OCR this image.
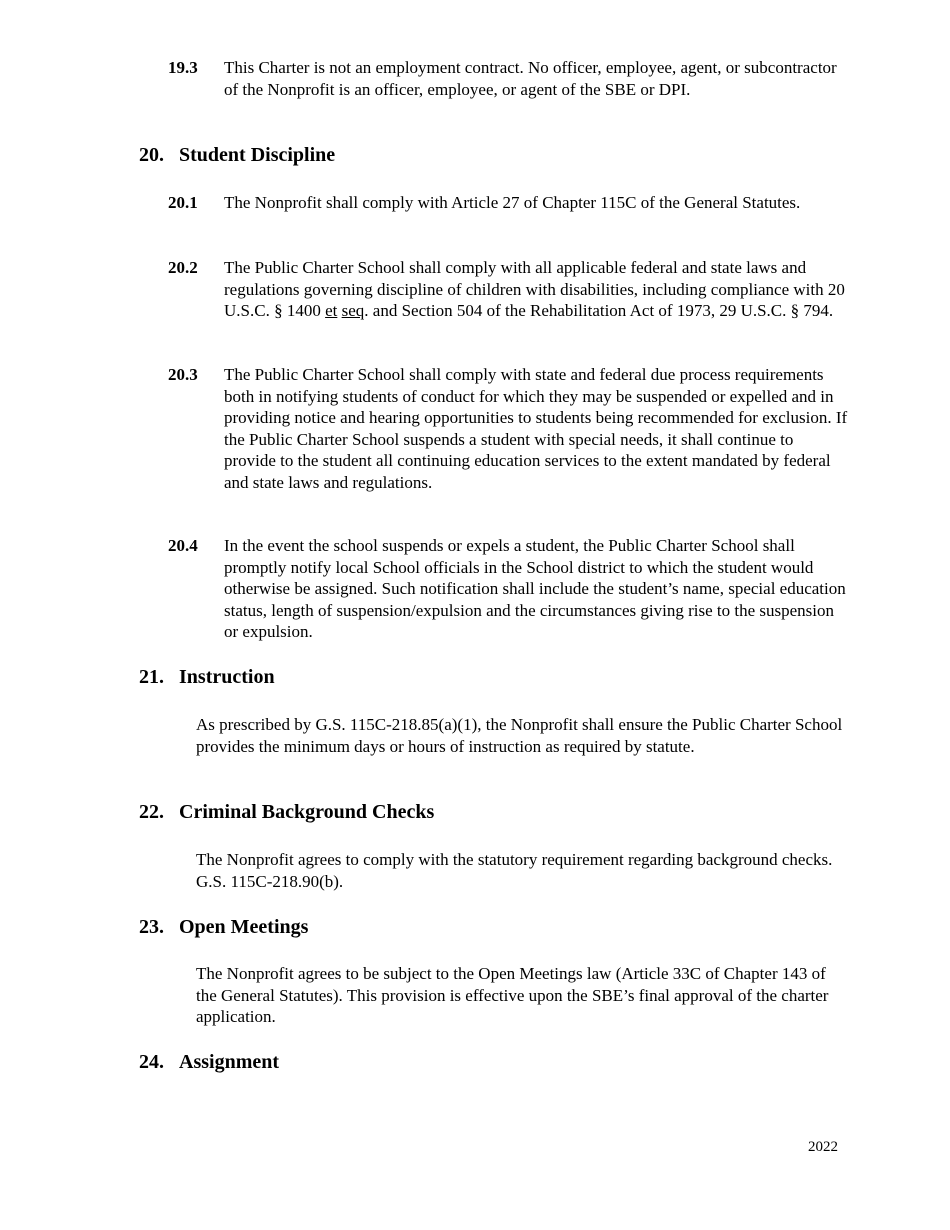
19.3	This Charter is not an employment contract. No officer, employee, agent, or subcontractor of the Nonprofit is an officer, employee, or agent of the SBE or DPI.
20. Student Discipline
20.1	The Nonprofit shall comply with Article 27 of Chapter 115C of the General Statutes.
20.2	The Public Charter School shall comply with all applicable federal and state laws and regulations governing discipline of children with disabilities, including compliance with 20 U.S.C. § 1400 et seq. and Section 504 of the Rehabilitation Act of 1973, 29 U.S.C. § 794.
20.3	The Public Charter School shall comply with state and federal due process requirements both in notifying students of conduct for which they may be suspended or expelled and in providing notice and hearing opportunities to students being recommended for exclusion. If the Public Charter School suspends a student with special needs, it shall continue to provide to the student all continuing education services to the extent mandated by federal and state laws and regulations.
20.4	In the event the school suspends or expels a student, the Public Charter School shall promptly notify local School officials in the School district to which the student would otherwise be assigned. Such notification shall include the student’s name, special education status, length of suspension/expulsion and the circumstances giving rise to the suspension or expulsion.
21. Instruction
As prescribed by G.S. 115C-218.85(a)(1), the Nonprofit shall ensure the Public Charter School provides the minimum days or hours of instruction as required by statute.
22. Criminal Background Checks
The Nonprofit agrees to comply with the statutory requirement regarding background checks. G.S. 115C-218.90(b).
23. Open Meetings
The Nonprofit agrees to be subject to the Open Meetings law (Article 33C of Chapter 143 of the General Statutes). This provision is effective upon the SBE’s final approval of the charter application.
24. Assignment
2022
